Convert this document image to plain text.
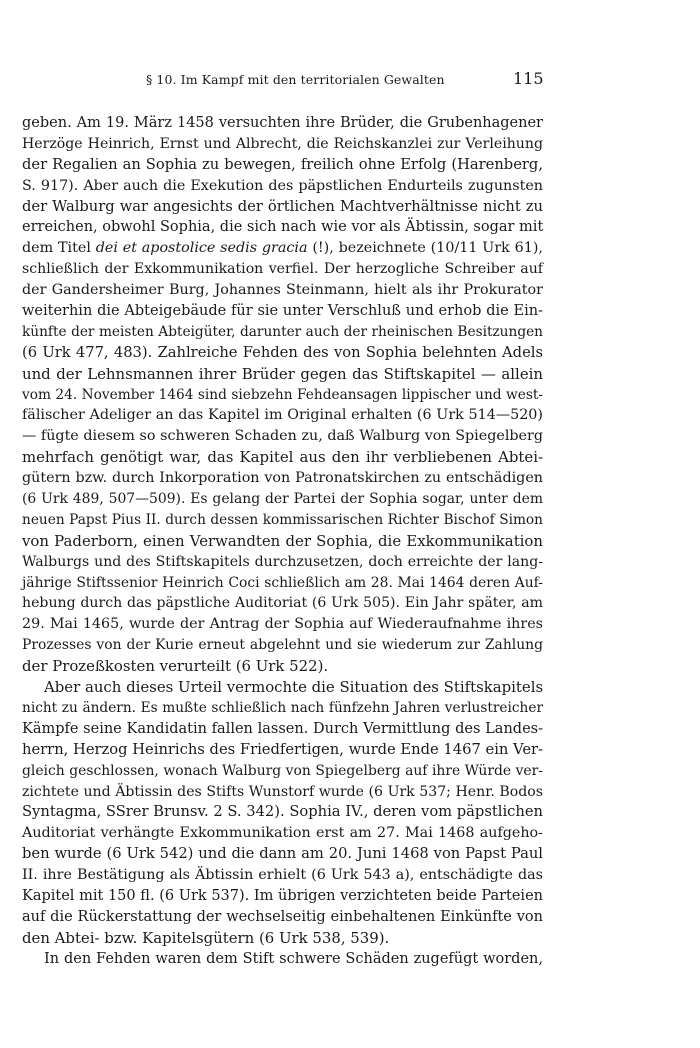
§ 10. Im Kampf mit den territorialen Gewalten	115
geben. Am 19. März 1458 versuchten ihre Brüder, die Grubenhagener
Herzöge Heinrich, Ernst und Albrecht, die Reichskanzlei zur Verleihung
der Regalien an Sophia zu bewegen, freilich ohne Erfolg (Harenberg,
S. 917). Aber auch die Exekution des päpstlichen Endurteils zugunsten
der Walburg war angesichts der örtlichen Machtverhältnisse nicht zu
erreichen, obwohl Sophia, die sich nach wie vor als Äbtissin, sogar mit
dem Titel dei et apostolice sedis gracia (!), bezeichnete (10/11 Urk 61),
schließlich der Exkommunikation verfiel. Der herzogliche Schreiber auf
der Gandersheimer Burg, Johannes Steinmann, hielt als ihr Prokurator
weiterhin die Abteigebäude für sie unter Verschluß und erhob die Ein-
künfte der meisten Abteigüter, darunter auch der rheinischen Besitzungen
(6 Urk 477, 483). Zahlreiche Fehden des von Sophia belehnten Adels
und der Lehnsmannen ihrer Brüder gegen das Stiftskapitel — allein
vom 24. November 1464 sind siebzehn Fehdeansagen lippischer und west-
fälischer Adeliger an das Kapitel im Original erhalten (6 Urk 514—520)
— fügte diesem so schweren Schaden zu, daß Walburg von Spiegelberg
mehrfach genötigt war, das Kapitel aus den ihr verbliebenen Abtei-
gütern bzw. durch Inkorporation von Patronatskirchen zu entschädigen
(6 Urk 489, 507—509). Es gelang der Partei der Sophia sogar, unter dem
neuen Papst Pius II. durch dessen kommissarischen Richter Bischof Simon
von Paderborn, einen Verwandten der Sophia, die Exkommunikation
Walburgs und des Stiftskapitels durchzusetzen, doch erreichte der lang-
jährige Stiftssenior Heinrich Coci schließlich am 28. Mai 1464 deren Auf-
hebung durch das päpstliche Auditoriat (6 Urk 505). Ein Jahr später, am
29. Mai 1465, wurde der Antrag der Sophia auf Wiederaufnahme ihres
Prozesses von der Kurie erneut abgelehnt und sie wiederum zur Zahlung
der Prozeßkosten verurteilt (6 Urk 522).
Aber auch dieses Urteil vermochte die Situation des Stiftskapitels
nicht zu ändern. Es mußte schließlich nach fünfzehn Jahren verlustreicher
Kämpfe seine Kandidatin fallen lassen. Durch Vermittlung des Landes-
herrn, Herzog Heinrichs des Friedfertigen, wurde Ende 1467 ein Ver-
gleich geschlossen, wonach Walburg von Spiegelberg auf ihre Würde ver-
zichtete und Äbtissin des Stifts Wunstorf wurde (6 Urk 537; Henr. Bodos
Syntagma, SSrer Brunsv. 2 S. 342). Sophia IV., deren vom päpstlichen
Auditoriat verhängte Exkommunikation erst am 27. Mai 1468 aufgeho-
ben wurde (6 Urk 542) und die dann am 20. Juni 1468 von Papst Paul
II. ihre Bestätigung als Äbtissin erhielt (6 Urk 543 a), entschädigte das
Kapitel mit 150 fl. (6 Urk 537). Im übrigen verzichteten beide Parteien
auf die Rückerstattung der wechselseitig einbehaltenen Einkünfte von
den Abtei- bzw. Kapitelsgütern (6 Urk 538, 539).
In den Fehden waren dem Stift schwere Schäden zugefügt worden,
